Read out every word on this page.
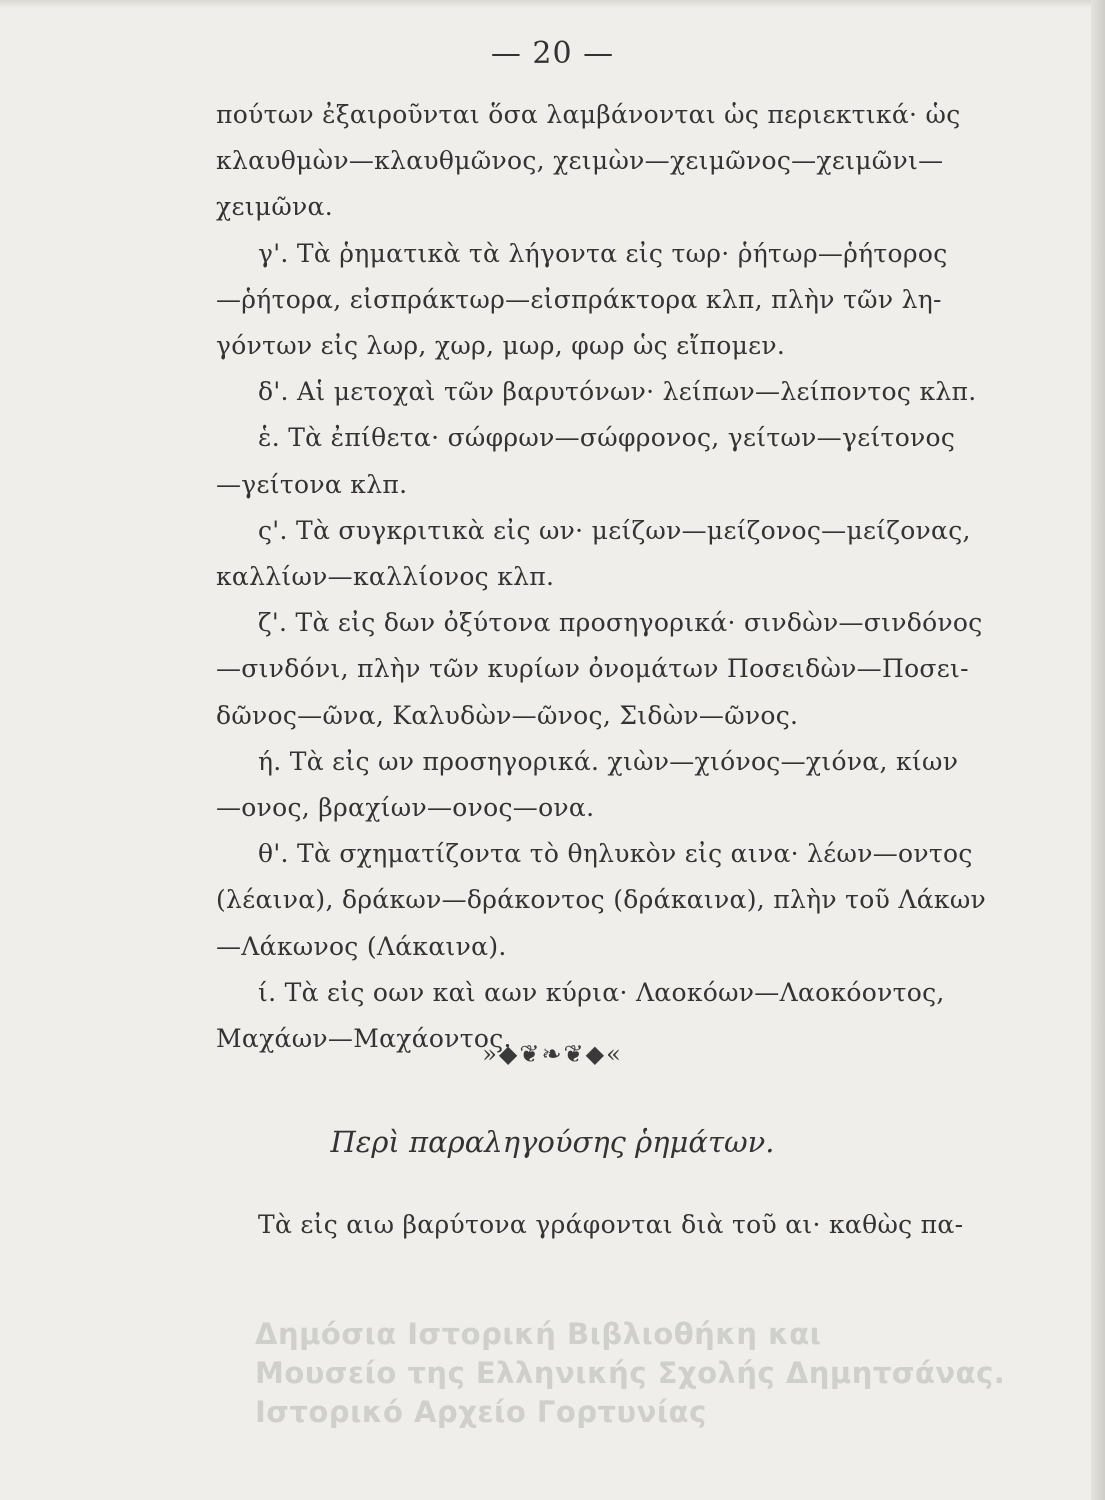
— 20 —
πούτων ἐξαιροῦνται ὅσα λαμβάνονται ὡς περιεκτικά· ὡς
κλαυθμὼν—κλαυθμῶνος, χειμὼν—χειμῶνος—χειμῶνι—
χειμῶνα.
γ'. Τὰ ῥηματικὰ τὰ λήγοντα εἰς τωρ· ῥήτωρ—ῥήτορος
—ῥήτορα, εἰσπράκτωρ—εἰσπράκτορα κλπ, πλὴν τῶν λη-
γόντων εἰς λωρ, χωρ, μωρ, φωρ ὡς εἴπομεν.
δ'. Αἱ μετοχαὶ τῶν βαρυτόνων· λείπων—λείποντος κλπ.
ἑ. Τὰ ἐπίθετα· σώφρων—σώφρονος, γείτων—γείτονος
—γείτονα κλπ.
ς'. Τὰ συγκριτικὰ εἰς ων· μείζων—μείζονος—μείζονας,
καλλίων—καλλίονος κλπ.
ζ'. Τὰ εἰς δων ὀξύτονα προσηγορικά· σινδὼν—σινδόνος
—σινδόνι, πλὴν τῶν κυρίων ὀνομάτων Ποσειδὼν—Ποσει-
δῶνος—ῶνα, Καλυδὼν—ῶνος, Σιδὼν—ῶνος.
ή. Τὰ εἰς ων προσηγορικά. χιὼν—χιόνος—χιόνα, κίων
—ονος, βραχίων—ονος—ονα.
θ'. Τὰ σχηματίζοντα τὸ θηλυκὸν εἰς αινα· λέων—οντος
(λέαινα), δράκων—δράκοντος (δράκαινα), πλὴν τοῦ Λάκων
—Λάκωνος (Λάκαινα).
ί. Τὰ εἰς οων καὶ αων κύρια· Λαοκόων—Λαοκόοντος,
Μαχάων—Μαχάοντος.
»◆❦❧❦◆«
Περὶ παραληγούσης ῥημάτων.
Τὰ εἰς αιω βαρύτονα γράφονται διὰ τοῦ αι· καθὼς πα-
Δημόσια Ιστορική Βιβλιοθήκη και
Μουσείο της Ελληνικής Σχολής Δημητσάνας.
Ιστορικό Αρχείο Γορτυνίας
